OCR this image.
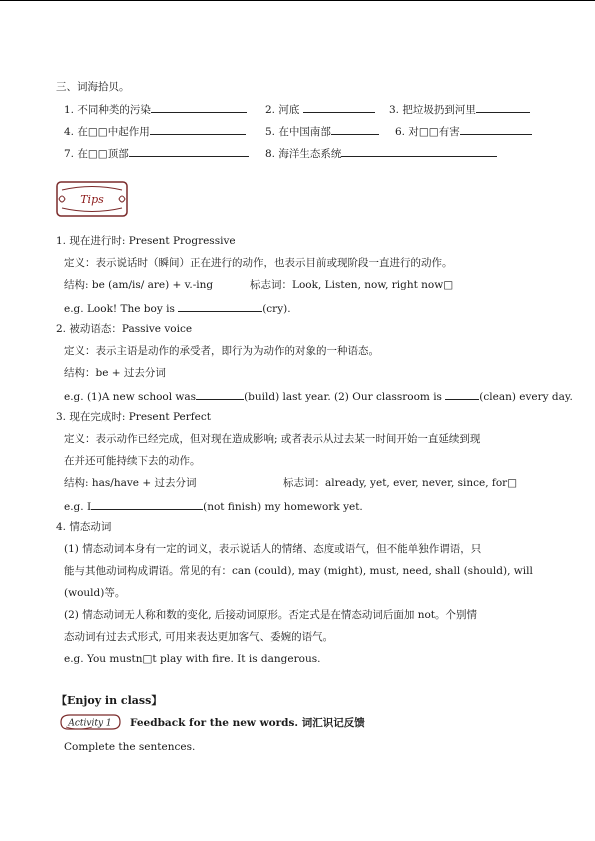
三、词海拾贝。
1. 不同种类的污染	2. 河底	3. 把垃圾扔到河里
4. 在□□中起作用	5. 在中国南部	6. 对□□有害
7. 在□□顶部	8. 海洋生态系统
Tips
1. 现在进行时: Present Progressive
定义：表示说话时（瞬间）正在进行的动作，也表示目前或现阶段一直进行的动作。
结构: be (am/is/ are) + v.-ing	标志词：Look, Listen, now, right now□
e.g. Look! The boy is	(cry).
2. 被动语态：Passive voice
定义：表示主语是动作的承受者，即行为为动作的对象的一种语态。
结构：be + 过去分词
e.g. (1)A new school was	(build) last year. (2) Our classroom is	(clean) every day.
3. 现在完成时: Present Perfect
定义：表示动作已经完成，但对现在造成影响; 或者表示从过去某一时间开始一直延续到现
在并还可能持续下去的动作。
结构: has/have + 过去分词	标志词：already, yet, ever, never, since, for□
e.g. I	(not finish) my homework yet.
4. 情态动词
(1) 情态动词本身有一定的词义，表示说话人的情绪、态度或语气，但不能单独作谓语，只
能与其他动词构成谓语。常见的有：can (could), may (might), must, need, shall (should), will
(would)等。
(2) 情态动词无人称和数的变化, 后接动词原形。否定式是在情态动词后面加 not。个别情
态动词有过去式形式, 可用来表达更加客气、委婉的语气。
e.g. You mustn□t play with fire. It is dangerous.
【Enjoy in class】
Activity 1 Feedback for the new words. 词汇识记反馈
Complete the sentences.
